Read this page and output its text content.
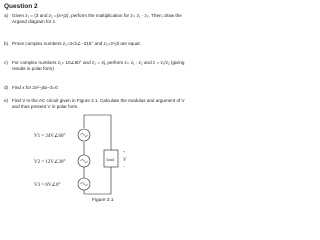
Question 2
a) Given z₁ = (3 and z₂ =(4+j2), perform the multiplication for z= z₁ · z₂. Then, draw the Argand diagram for z.
b) Prove complex numbers z₁=3√2∠−315° and z₂=3+j3 are equal.
c) For complex numbers z₁= 10∠60° and z₂ = 4j, perform z= z₁ · z₂ and z = z₁/z₂ (giving results in polar form)
d) Find x for 2x²−j5x−3=0
e) Find V in the AC circuit given in Figure 2.1. Calculate the modulus and argument of V and thus present V in polar form.
V1 = 24V∠60°
V2 = 12V∠30°
V3 = 6V∠0°
load
+
V
−
Figure 2.1
